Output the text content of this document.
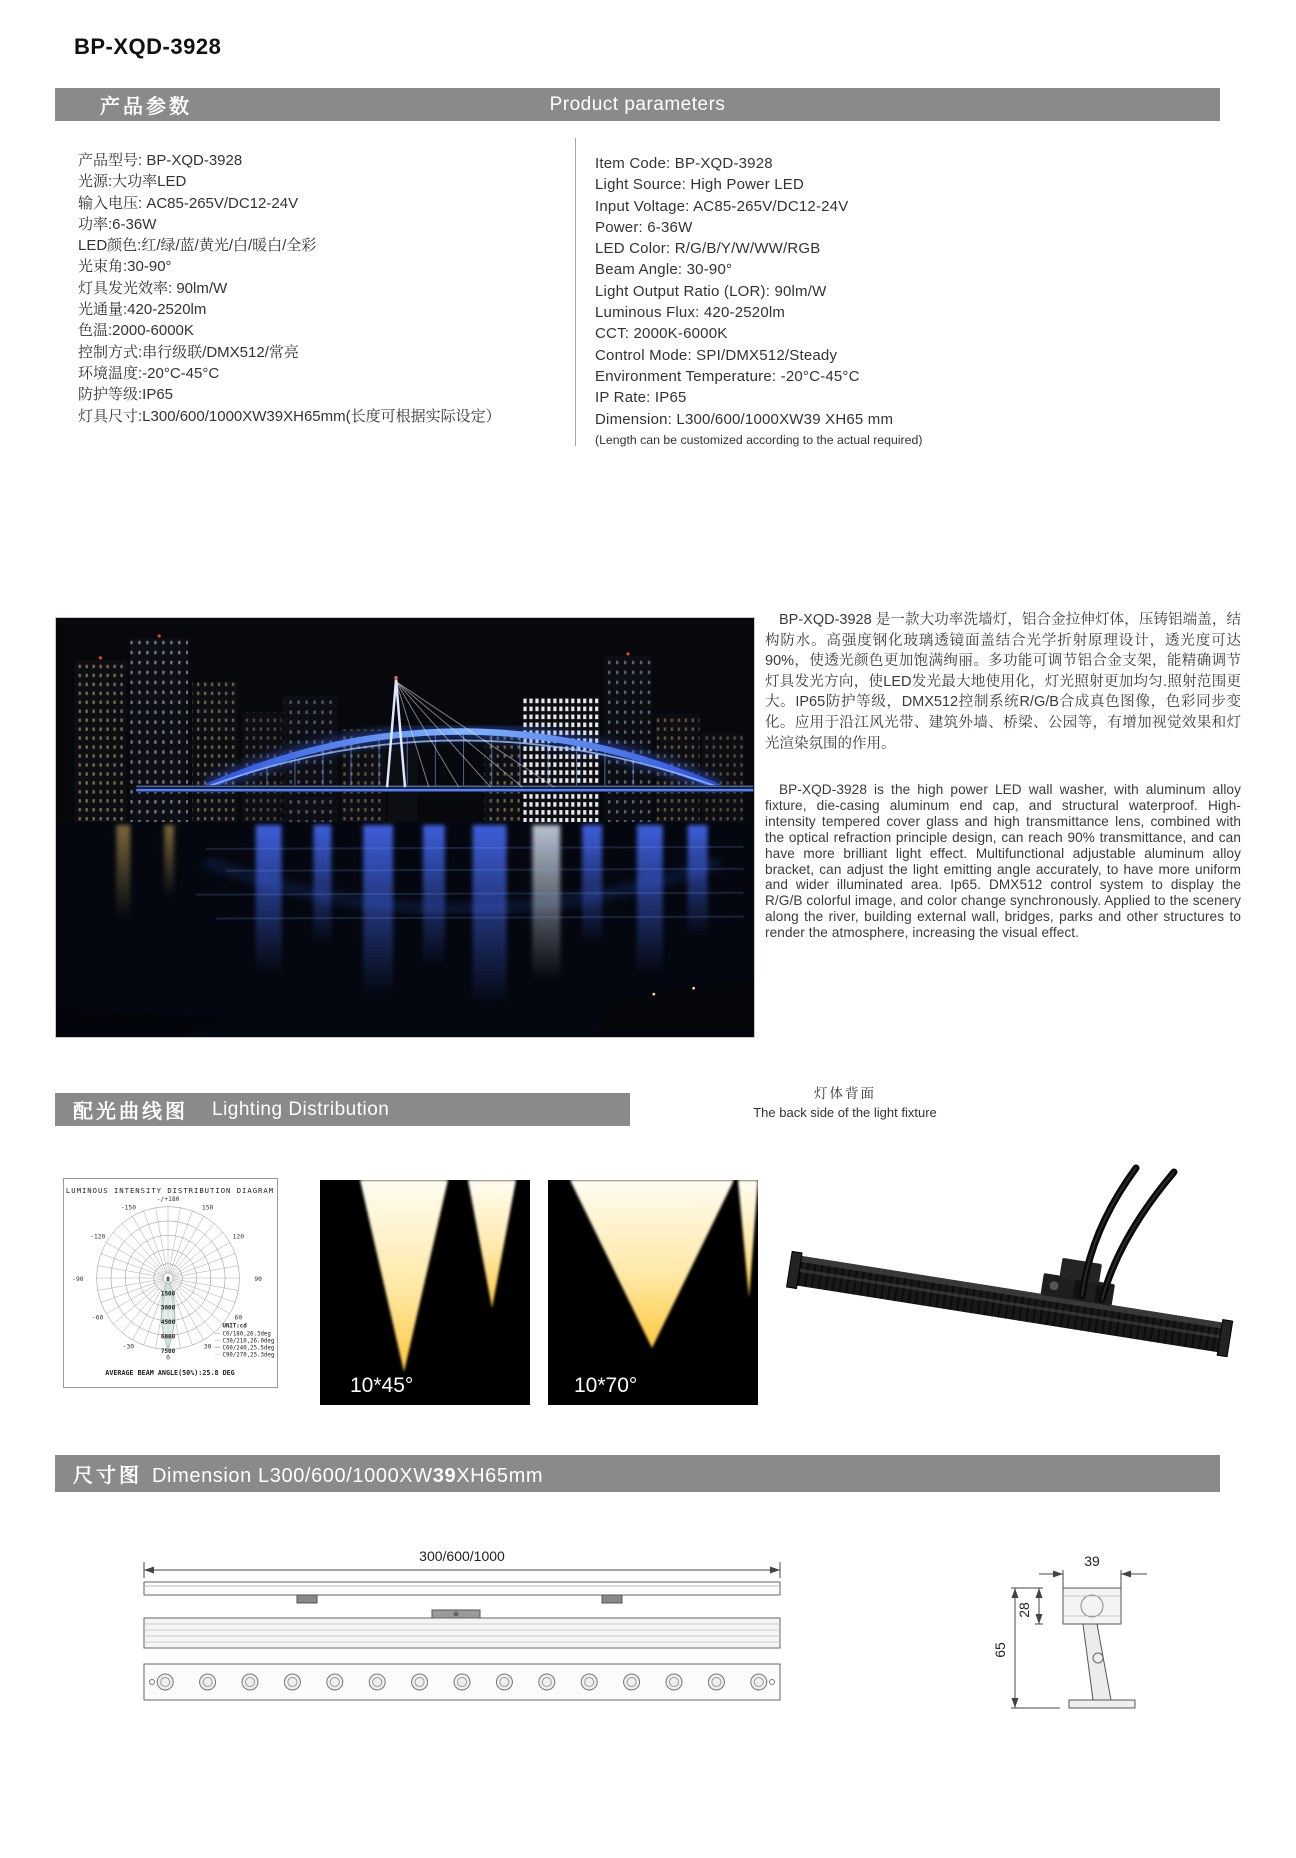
BP-XQD-3928
产品参数	Product parameters
产品型号: BP-XQD-3928
光源:大功率LED
输入电压: AC85-265V/DC12-24V
功率:6-36W
LED颜色:红/绿/蓝/黄光/白/暖白/全彩
光束角:30-90°
灯具发光效率: 90lm/W
光通量:420-2520lm
色温:2000-6000K
控制方式:串行级联/DMX512/常亮
环境温度:-20°C-45°C
防护等级:IP65
灯具尺寸:L300/600/1000XW39XH65mm(长度可根据实际设定）
Item Code: BP-XQD-3928
Light Source: High Power LED
Input Voltage: AC85-265V/DC12-24V
Power: 6-36W
LED Color: R/G/B/Y/W/WW/RGB
Beam Angle: 30-90°
Light Output Ratio (LOR): 90lm/W
Luminous Flux: 420-2520lm
CCT: 2000K-6000K
Control Mode: SPI/DMX512/Steady
Environment Temperature: -20°C-45°C
IP Rate: IP65
Dimension: L300/600/1000XW39 XH65 mm
(Length can be customized according to the actual required)
BP-XQD-3928 是一款大功率洗墙灯，铝合金拉伸灯体，压铸铝端盖，结构防水。高强度钢化玻璃透镜面盖结合光学折射原理设计，透光度可达90%，使透光颜色更加饱满绚丽。多功能可调节铝合金支架，能精确调节灯具发光方向，使LED发光最大地使用化，灯光照射更加均匀.照射范围更大。IP65防护等级，DMX512控制系统R/G/B合成真色图像，色彩同步变化。应用于沿江风光带、建筑外墙、桥梁、公园等，有增加视觉效果和灯光渲染氛围的作用。
BP-XQD-3928 is the high power LED wall washer, with aluminum alloy fixture, die-casing aluminum end cap, and structural waterproof. High-intensity tempered cover glass and high transmittance lens, combined with the optical refraction principle design, can reach 90% transmittance, and can have more brilliant light effect. Multifunctional adjustable aluminum alloy bracket, can adjust the light emitting angle accurately, to have more uniform and wider illuminated area. Ip65. DMX512 control system to display the R/G/B colorful image, and color change synchronously. Applied to the scenery along the river, building external wall, bridges, parks and other structures to render the atmosphere, increasing the visual effect.
配光曲线图 Lighting Distribution
灯体背面
The back side of the light fixture
LUMINOUS INTENSITY DISTRIBUTION DIAGRAM
-/+180
-150	150
-120	120
-90	90
-60	60
-30	30
0
0
1500
3000
4500
6000
7500
UNIT:cd
C0/180,26.3deg
C30/210,26.0deg
C60/240,25.5deg
C90/270,25.3deg
AVERAGE BEAM ANGLE(50%):25.8 DEG
10*45°	10*70°
尺寸图 Dimension L300/600/1000XW 39 XH65mm
300/600/1000	39
28
65
